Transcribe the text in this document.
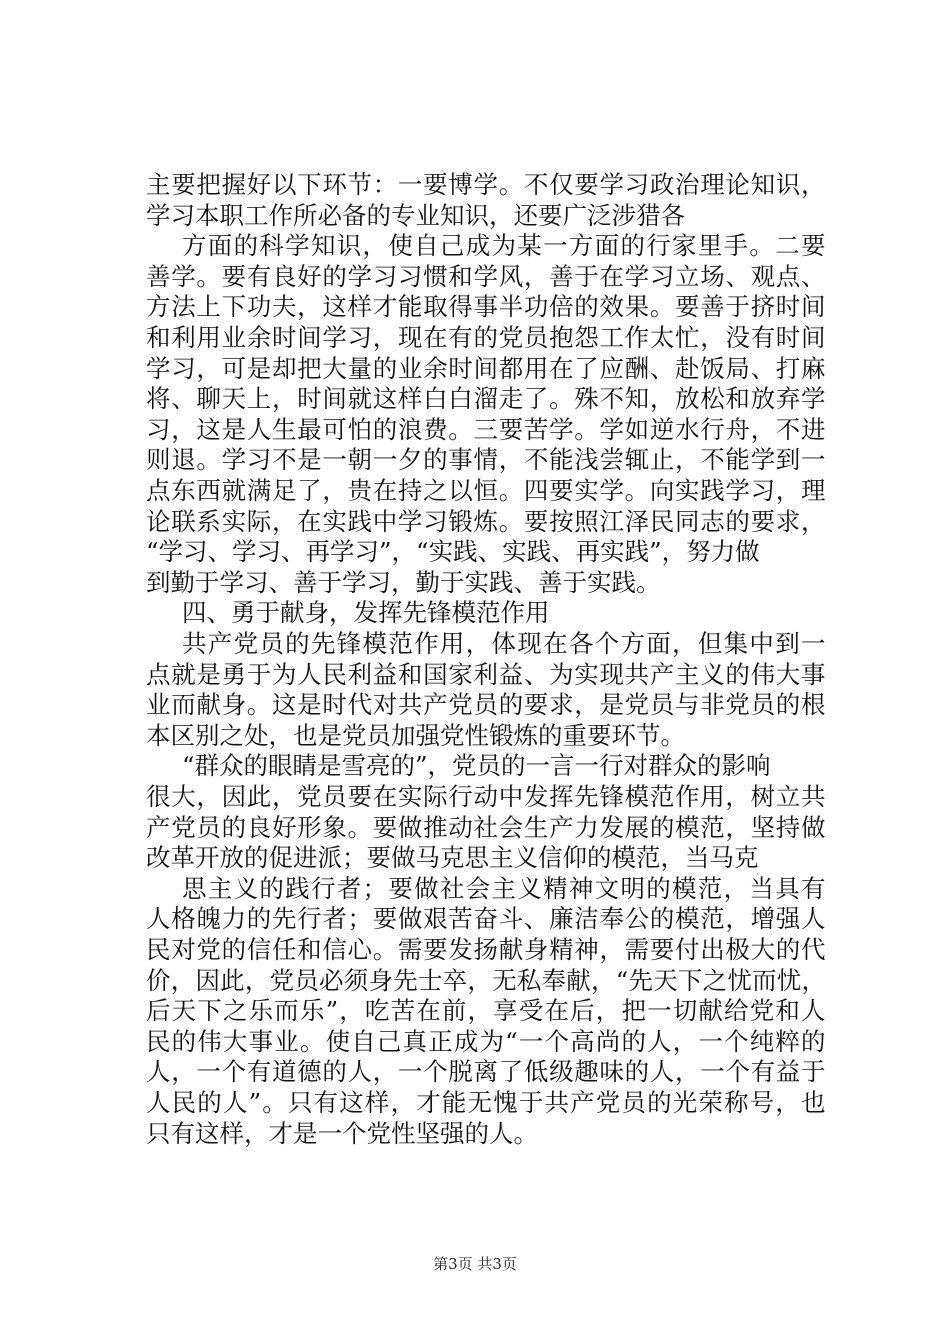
主要把握好以下环节：一要博学。不仅要学习政治理论知识，
学习本职工作所必备的专业知识，还要广泛涉猎各
方面的科学知识，使自己成为某一方面的行家里手。二要
善学。要有良好的学习习惯和学风，善于在学习立场、观点、
方法上下功夫，这样才能取得事半功倍的效果。要善于挤时间
和利用业余时间学习，现在有的党员抱怨工作太忙，没有时间
学习，可是却把大量的业余时间都用在了应酬、赴饭局、打麻
将、聊天上，时间就这样白白溜走了。殊不知，放松和放弃学
习，这是人生最可怕的浪费。三要苦学。学如逆水行舟，不进
则退。学习不是一朝一夕的事情，不能浅尝辄止，不能学到一
点东西就满足了，贵在持之以恒。四要实学。向实践学习，理
论联系实际，在实践中学习锻炼。要按照江泽民同志的要求，
“学习、学习、再学习”，“实践、实践、再实践”，努力做
到勤于学习、善于学习，勤于实践、善于实践。
四、勇于献身，发挥先锋模范作用
共产党员的先锋模范作用，体现在各个方面，但集中到一
点就是勇于为人民利益和国家利益、为实现共产主义的伟大事
业而献身。这是时代对共产党员的要求，是党员与非党员的根
本区别之处，也是党员加强党性锻炼的重要环节。
“群众的眼睛是雪亮的”，党员的一言一行对群众的影响
很大，因此，党员要在实际行动中发挥先锋模范作用，树立共
产党员的良好形象。要做推动社会生产力发展的模范，坚持做
改革开放的促进派；要做马克思主义信仰的模范，当马克
思主义的践行者；要做社会主义精神文明的模范，当具有
人格魄力的先行者；要做艰苦奋斗、廉洁奉公的模范，增强人
民对党的信任和信心。需要发扬献身精神，需要付出极大的代
价，因此，党员必须身先士卒，无私奉献，“先天下之忧而忧，
后天下之乐而乐”，吃苦在前，享受在后，把一切献给党和人
民的伟大事业。使自己真正成为“一个高尚的人，一个纯粹的
人，一个有道德的人，一个脱离了低级趣味的人，一个有益于
人民的人”。只有这样，才能无愧于共产党员的光荣称号，也
只有这样，才是一个党性坚强的人。
第3页 共3页
